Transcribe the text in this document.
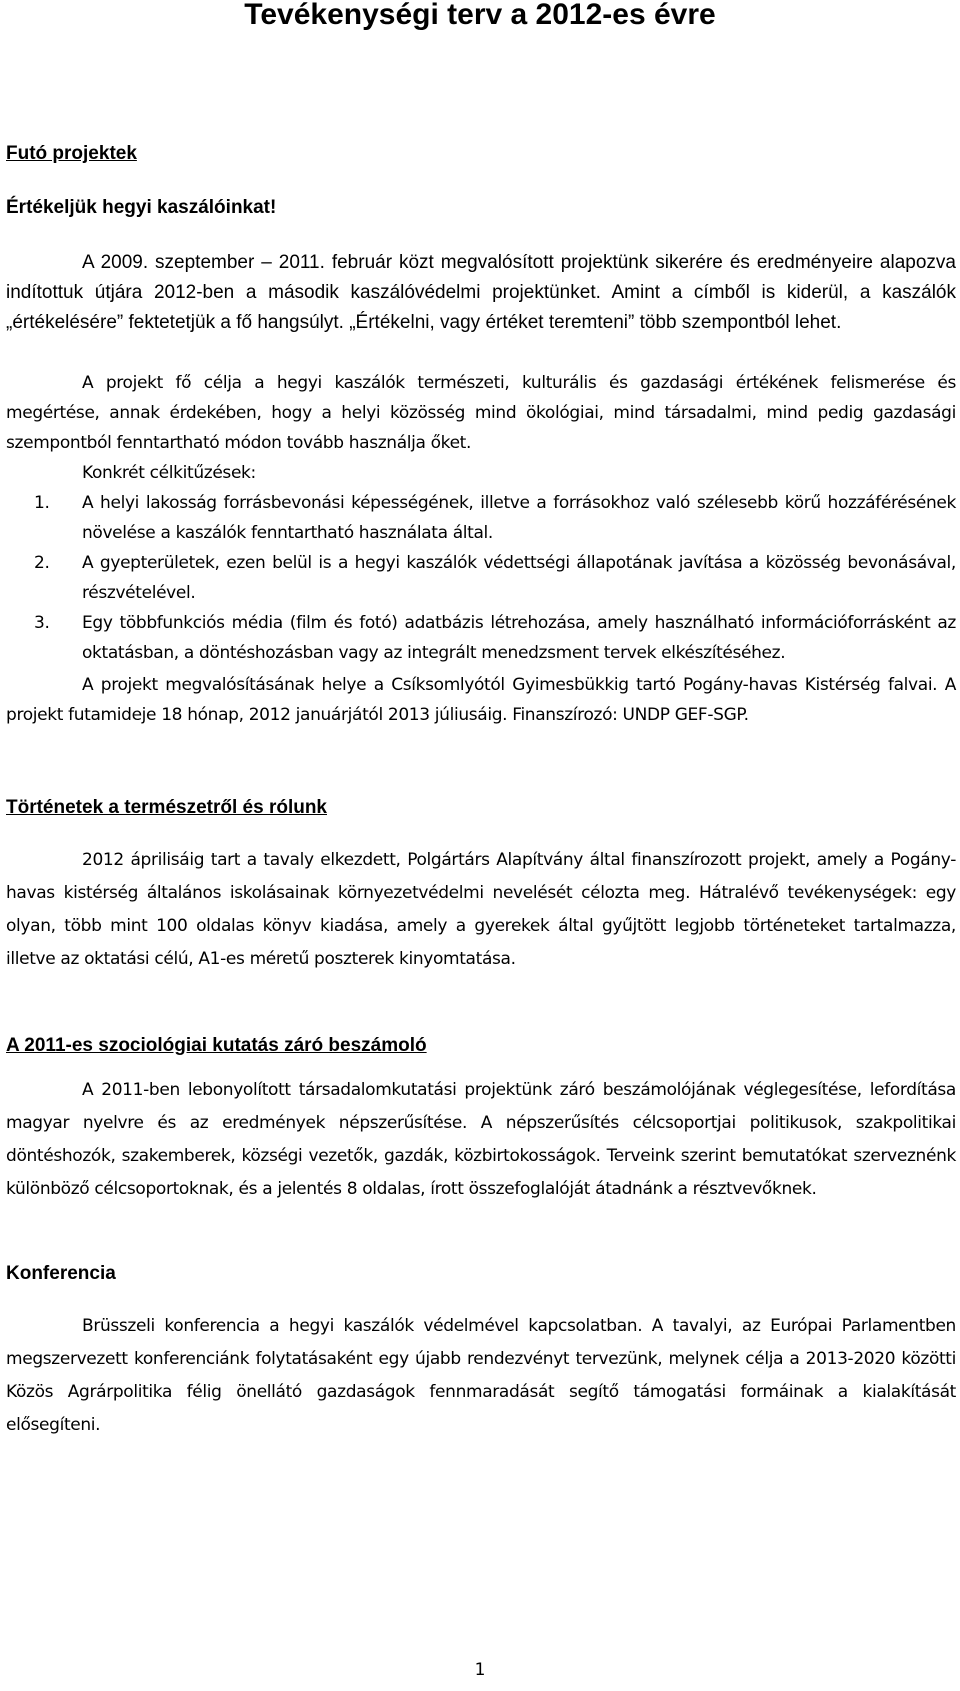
Tevékenységi terv a 2012-es évre
Futó projektek
Értékeljük hegyi kaszálóinkat!
A 2009. szeptember – 2011. február közt megvalósított projektünk sikerére és eredményeire alapozva indítottuk útjára 2012-ben a második kaszálóvédelmi projektünket. Amint a címből is kiderül, a kaszálók „értékelésére” fektetetjük a fő hangsúlyt. „Értékelni, vagy értéket teremteni” több szempontból lehet.
A projekt fő célja a hegyi kaszálók természeti, kulturális és gazdasági értékének felismerése és megértése, annak érdekében, hogy a helyi közösség mind ökológiai, mind társadalmi, mind pedig gazdasági szempontból fenntartható módon tovább használja őket.
Konkrét célkitűzések:
1. A helyi lakosság forrásbevonási képességének, illetve a forrásokhoz való szélesebb körű hozzáférésének növelése a kaszálók fenntartható használata által.
2. A gyepterületek, ezen belül is a hegyi kaszálók védettségi állapotának javítása a közösség bevonásával, részvételével.
3. Egy többfunkciós média (film és fotó) adatbázis létrehozása, amely használható információforrásként az oktatásban, a döntéshozásban vagy az integrált menedzsment tervek elkészítéséhez.
A projekt megvalósításának helye a Csíksomlyótól Gyimesbükkig tartó Pogány-havas Kistérség falvai. A projekt futamideje 18 hónap, 2012 januárjától 2013 júliusáig. Finanszírozó: UNDP GEF-SGP.
Történetek a természetről és rólunk
2012 áprilisáig tart a tavaly elkezdett, Polgártárs Alapítvány által finanszírozott projekt, amely a Pogány-havas kistérség általános iskolásainak környezetvédelmi nevelését célozta meg. Hátralévő tevékenységek: egy olyan, több mint 100 oldalas könyv kiadása, amely a gyerekek által gyűjtött legjobb történeteket tartalmazza, illetve az oktatási célú, A1-es méretű poszterek kinyomtatása.
A 2011-es szociológiai kutatás záró beszámoló
A 2011-ben lebonyolított társadalomkutatási projektünk záró beszámolójának véglegesítése, lefordítása magyar nyelvre és az eredmények népszerűsítése. A népszerűsítés célcsoportjai politikusok, szakpolitikai döntéshozók, szakemberek, községi vezetők, gazdák, közbirtokosságok. Terveink szerint bemutatókat szerveznénk különböző célcsoportoknak, és a jelentés 8 oldalas, írott összefoglalóját átadnánk a résztvevőknek.
Konferencia
Brüsszeli konferencia a hegyi kaszálók védelmével kapcsolatban. A tavalyi, az Európai Parlamentben megszervezett konferenciánk folytatásaként egy újabb rendezvényt tervezünk, melynek célja a 2013-2020 közötti Közös Agrárpolitika félig önellátó gazdaságok fennmaradását segítő támogatási formáinak a kialakítását elősegíteni.
1
